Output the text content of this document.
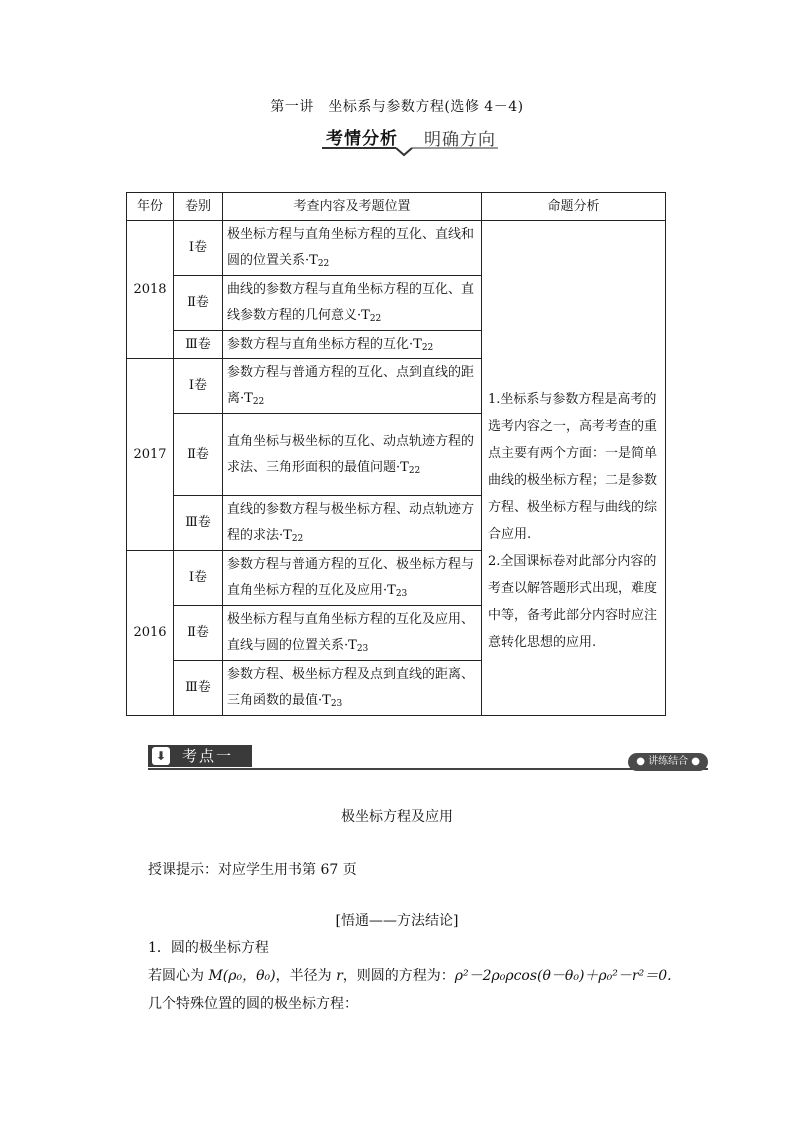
第一讲　坐标系与参数方程(选修 4－4)
考情分析 明确方向
年份	卷别	考查内容及考题位置	命题分析
2018	Ⅰ卷	极坐标方程与直角坐标方程的互化、直线和圆的位置关系$\cdot T_{22}$	1.坐标系与参数方程是高考的选考内容之一，高考考查的重点主要有两个方面：一是简单曲线的极坐标方程；二是参数方程、极坐标方程与曲线的综合应用.
2.全国课标卷对此部分内容的考查以解答题形式出现，难度中等，备考此部分内容时应注意转化思想的应用.

	Ⅱ卷	曲线的参数方程与直角坐标方程的互化、直线参数方程的几何意义$\cdot T_{22}$
	Ⅲ卷	参数方程与直角坐标方程的互化$\cdot T_{22}$
2017	Ⅰ卷	参数方程与普通方程的互化、点到直线的距离$\cdot T_{22}$
	Ⅱ卷	直角坐标与极坐标的互化、动点轨迹方程的求法、三角形面积的最值问题$\cdot T_{22}$
	Ⅲ卷	直线的参数方程与极坐标方程、动点轨迹方程的求法$\cdot T_{22}$
2016	Ⅰ卷	参数方程与普通方程的互化、极坐标方程与直角坐标方程的互化及应用$\cdot T_{23}$
	Ⅱ卷	极坐标方程与直角坐标方程的互化及应用、直线与圆的位置关系$\cdot T_{23}$
	Ⅲ卷	参数方程、极坐标方程及点到直线的距离、三角函数的最值$\cdot T_{23}$
⬇ 考点一	● 讲练结合 ●
极坐标方程及应用
授课提示：对应学生用书第 67 页
[悟通——方法结论]
1．圆的极坐标方程
若圆心为 M(ρ₀，θ₀)，半径为 r，则圆的方程为：ρ²－2ρ₀ρcos(θ－θ₀)＋ρ₀²－r²＝0.
几个特殊位置的圆的极坐标方程：
